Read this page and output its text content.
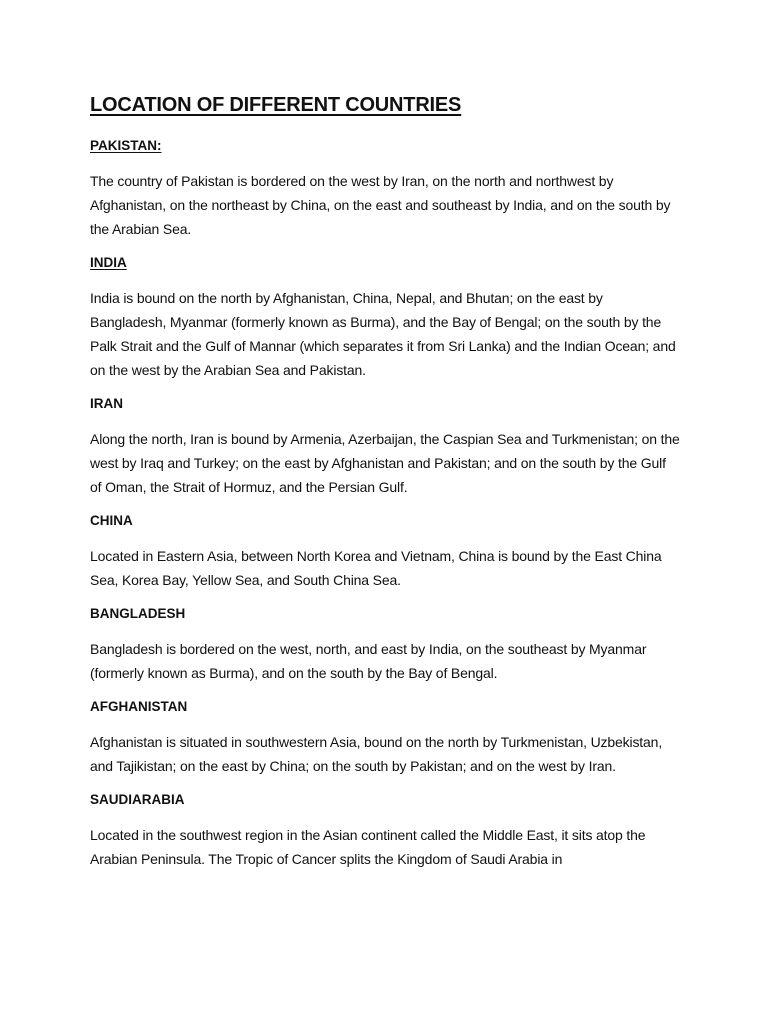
LOCATION OF DIFFERENT COUNTRIES
PAKISTAN:

The country of Pakistan is bordered on the west by Iran, on the north and northwest by Afghanistan, on the northeast by China, on the east and southeast by India, and on the south by the Arabian Sea.

INDIA

India is bound on the north by Afghanistan, China, Nepal, and Bhutan; on the east by Bangladesh, Myanmar (formerly known as Burma), and the Bay of Bengal; on the south by the Palk Strait and the Gulf of Mannar (which separates it from Sri Lanka) and the Indian Ocean; and on the west by the Arabian Sea and Pakistan.

IRAN

Along the north, Iran is bound by Armenia, Azerbaijan, the Caspian Sea and Turkmenistan; on the west by Iraq and Turkey; on the east by Afghanistan and Pakistan; and on the south by the Gulf of Oman, the Strait of Hormuz, and the Persian Gulf.

CHINA

Located in Eastern Asia, between North Korea and Vietnam, China is bound by the East China Sea, Korea Bay, Yellow Sea, and South China Sea.

BANGLADESH

Bangladesh is bordered on the west, north, and east by India, on the southeast by Myanmar (formerly known as Burma), and on the south by the Bay of Bengal.

AFGHANISTAN

Afghanistan is situated in southwestern Asia, bound on the north by Turkmenistan, Uzbekistan, and Tajikistan; on the east by China; on the south by Pakistan; and on the west by Iran.

SAUDIARABIA

Located in the southwest region in the Asian continent called the Middle East, it sits atop the Arabian Peninsula. The Tropic of Cancer splits the Kingdom of Saudi Arabia in
